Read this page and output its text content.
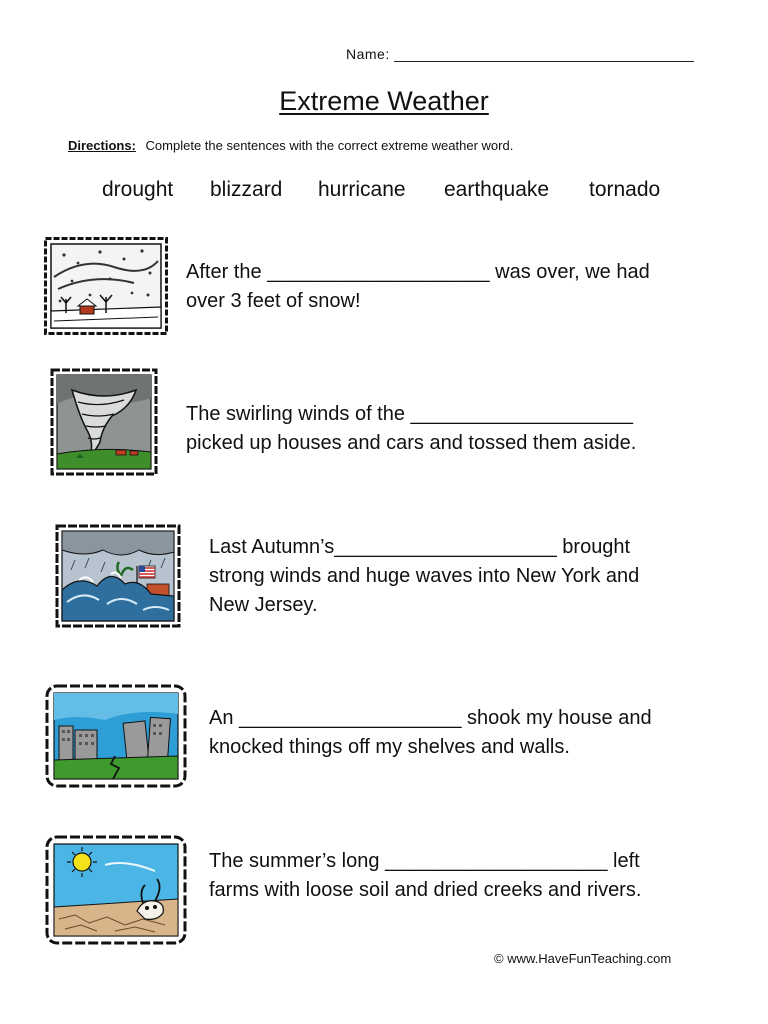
Name:
Extreme Weather
Directions: Complete the sentences with the correct extreme weather word.
drought blizzard hurricane earthquake tornado
After the ____________________ was over, we had
over 3 feet of snow!
The swirling winds of the ____________________
picked up houses and cars and tossed them aside.
Last Autumn’s____________________ brought
strong winds and huge waves into New York and
New Jersey.
An ____________________ shook my house and
knocked things off my shelves and walls.
The summer’s long ____________________ left
farms with loose soil and dried creeks and rivers.
© www.HaveFunTeaching.com
